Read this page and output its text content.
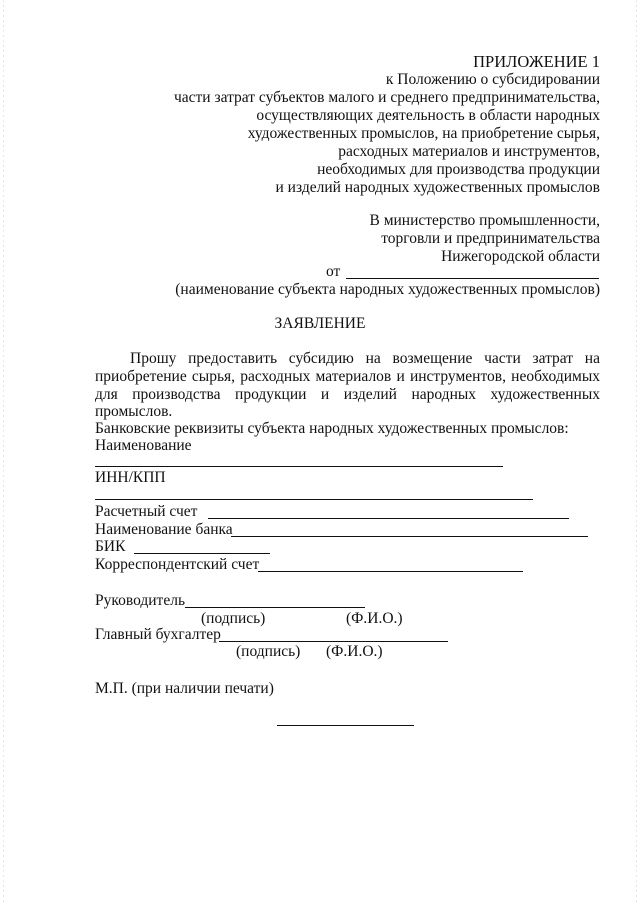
ПРИЛОЖЕНИЕ 1
к Положению о субсидировании
части затрат субъектов малого и среднего предпринимательства,
осуществляющих деятельность в области народных
художественных промыслов, на приобретение сырья,
расходных материалов и инструментов,
необходимых для производства продукции
и изделий народных художественных промыслов
В министерство промышленности,
торговли и предпринимательства
Нижегородской области
от
(наименование субъекта народных художественных промыслов)
ЗАЯВЛЕНИЕ
Прошу предоставить субсидию на возмещение части затрат на
приобретение сырья, расходных материалов и инструментов, необходимых
для производства продукции и изделий народных художественных
промыслов.
Банковские реквизиты субъекта народных художественных промыслов:
Наименование
ИНН/КПП
Расчетный счет
Наименование банка
БИК
Корреспондентский счет
Руководитель
(подпись)	(Ф.И.О.)
Главный бухгалтер
(подпись) (Ф.И.О.)
М.П. (при наличии печати)
